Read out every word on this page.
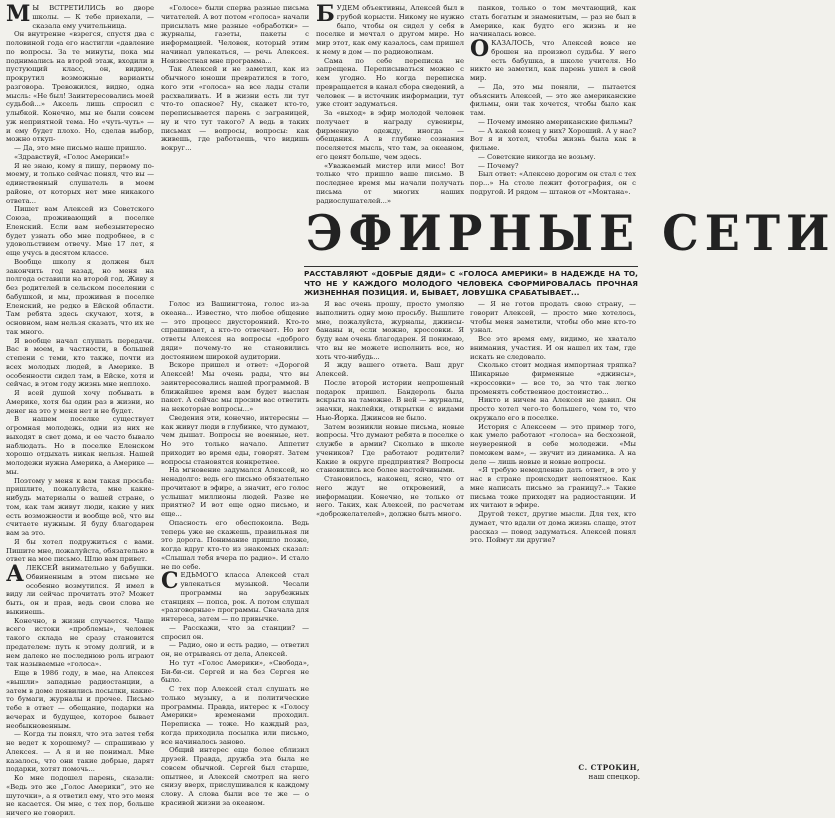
М Ы ВСТРЕТИЛИСЬ во дворе школы. — К тебе приехали, — сказала ему учительница.

Он внутренне «взрегся, спустя два с половиной года его настигли «давление по вопросы. За те минуты, пока мы поднимались на второй этаж, входили в пустующий класс, он, видимо, прокрутил возможные варианты разговора. Тревожился, видно, одна мысль: «Не был! Заинтересовались моей судьбой...» Аксель лишь спросил с улыбкой. Конечно, мы не были совсем уж неприятной тема. Но «чуть-чуть» — и ему будет плохо. Но, сделав выбор, можно откуп-

— Да, это мне письмо наше пришло.

«Здравствуй, «Голос Америки!»

Я не знаю, кому я пишу, первому по-моему, и только сейчас понял, что вы — единственный слушатель в моем районе, от которых нет мне никакого ответа...

Пишет вам Алексей из Советского Союза, проживающий в поселке Еленский. Если вам небезынтересно будет узнать обо мне подробнее, в с удовольствием отвечу. Мне 17 лет, я еще учусь в десятом классе.

Вообще школу я должен был закончить год назад, но меня на полгода оставили на второй год. Живу я без родителей в сельском поселении с бабушкой, и мы, проживая в поселке Еленский, не редко в Ейской области. Там ребята здесь скучают, хотя, в основном, нам нельзя сказать, что их не так много.

Я вообще начал слушать передачи. Вас в моем, в частности, в большей степени с теми, кто также, почти из всех молодых людей, в Америке. В особенности сидел там, в Ейске, хотя и сейчас, в этом году жизнь мне неплохо.

Я всей душой хочу побывать в Америке, хотя бы один раз в жизни, но денег на это у меня нет и не будет.

В нашем поселке существует огромная молодежь, одни из них не выходят в свет дома, и ее часто бывало наблюдать. Но в поселке Еленском хорошо отдыхать никак нельзя. Нашей молодежи нужна Америка, а Америке — мы.

Поэтому у меня к вам такая просьба: пришлите, пожалуйста, мне какие-нибудь материалы о вашей стране, о том, как там живут люди, какие у них есть возможности и вообще всё, что вы считаете нужным. Я буду благодарен вам за это.

Я бы хотел подружиться с вами. Пишите мне, пожалуйста, обязательно в ответ на мое письмо. Шлю вам привет.

АЛЕКСЕЙ внимательно у бабушки. Обвиненным в этом письме не особенно возмутился. Я имел в виду ли сейчас прочитать это? Может быть, он и прав, ведь свои слова не выкинешь.

Конечно, в жизни случается. Чаще всего истоки «проблемы», человек такого склада не сразу становится предателем: путь к этому долгий, и в нем далеко не последнюю роль играют так называемые «голоса».

Еще в 1986 году, в мае, на Алексея «вышли» западные радиостанции, а затем в доме появились посылки, какие-то бумаги, журналы и прочее. Письмо тебе в ответ — обещание, подарки на вечерах и будущее, которое бывает необыкновенным.

— Когда ты понял, что эта затея тебя не ведет к хорошему? — спрашиваю у Алексея. — А я и не понимал. Мне казалось, что они такие добрые, дарят подарки, хотят помочь...

Ко мне подошел парень, сказали: «Ведь это же „Голос Америки“, это не шуточки», а я ответил ему, что это меня не касается. Он мне, с тех пор, больше ничего не говорил.

«Голосе» были сперва разные письма читателей. А вот потом «голоса» начали присылать мне разные «обработки» — журналы, газеты, пакеты с информацией. Человек, который этим начинал увлекаться, — речь Алексея. Неизвестная мне программа...

Так Алексей и не заметил, как из обычного юноши превратился в того, кого эти «голоса» на все лады стали расхваливать. И в жизни есть ли тут что-то опасное? Ну, скажет кто-то, переписывается парень с заграницей, ну и что тут такого? А ведь в таких письмах — вопросы, вопросы: как живешь, где работаешь, что видишь вокруг...

Голос из Вашингтона, голос из-за океана... Известно, что любое общение — это процесс двусторонний. Кто-то спрашивает, а кто-то отвечает. Но вот ответы Алексея на вопросы «доброго дяди» почему-то не становились достоянием широкой аудитории.

Вскоре пришел и ответ: «Дорогой Алексей! Мы очень рады, что вы заинтересовались нашей программой. В ближайшее время вам будет выслан пакет. А сейчас мы просим вас ответить на некоторые вопросы...»

Сведения эти, конечно, интересны — как живут люди в глубинке, что думают, чем дышат. Вопросы не военные, нет. Но это только начало. Аппетит приходит во время еды, говорят. Затем вопросы становятся конкретнее.

На мгновение задумался Алексей, но ненадолго: ведь его письмо обязательно прочитают в эфире, а значит, его голос услышат миллионы людей. Разве не приятно? И вот еще одно письмо, и еще...

Опасность его обеспокоила. Ведь теперь уже не скажешь, правильная ли это дорога. Понимание пришло позже, когда вдруг кто-то из знакомых сказал: «Слышал тебя вчера по радио». И стало не по себе.

СЕДЬМОГО класса Алексей стал увлекаться музыкой. Чесали программы на зарубежных станциях — попса, рок. А потом слушал «разговорные» программы. Сначала для интереса, затем — по привычке.

— Расскажи, что за станции? — спросил он.

— Радио, оно и есть радио, — ответил он, не отрываясь от дела, Алексей.

Но тут «Голос Америки», «Свобода», Би-би-си. Сергей и на без Сергея не было.

С тех пор Алексей стал слушать не только музыку, а и политические программы. Правда, интерес к «Голосу Америки» временами проходил. Переписка — тоже. Но каждый раз, когда приходила посылка или письмо, все начиналось заново.

Общий интерес еще более сблизил друзей. Правда, дружба эта была не совсем обычной. Сергей был старше, опытнее, и Алексей смотрел на него снизу вверх, прислушивался к каждому слову. А слова были все те же — о красивой жизни за океаном.

БУДЕМ объективны, Алексей был в грубой корысти. Никому не нужно было, чтобы он сидел у себя в поселке и мечтал о другом мире. Но мир этот, как ему казалось, сам пришел к нему в дом — по радиоволнам.

Сама по себе переписка не запрещена. Переписываться можно с кем угодно. Но когда переписка превращается в канал сбора сведений, а человек — в источник информации, тут уже стоит задуматься.

За «выход» в эфир молодой человек получает в награду сувениры, фирменную одежду, иногда — обещания. А в глубине сознания поселяется мысль, что там, за океаном, его ценят больше, чем здесь.

«Уважаемый мистер или мисс! Вот только что пришло ваше письмо. В последнее время мы начали получать письма от многих наших радиослушателей...»

Я вас очень прошу, просто умоляю выполнить одну мою просьбу. Вышлите мне, пожалуйста, журналы, джинсы-бананы и, если можно, кроссовки. Я буду вам очень благодарен. Я понимаю, что вы не можете исполнить все, но хоть что-нибудь...

Я жду вашего ответа. Ваш друг Алексей.

После второй истории непрошеный подарок пришел. Бандероль была вскрыта на таможне. В ней — журналы, значки, наклейки, открытки с видами Нью-Йорка. Джинсов не было.

Затем возникли новые письма, новые вопросы. Что думают ребята в поселке о службе в армии? Сколько в школе учеников? Где работают родители? Какие в округе предприятия? Вопросы становились все более настойчивыми.

Становилось, наконец, ясно, что от него ждут не откровений, а информации. Конечно, не только от него. Таких, как Алексей, по расчетам «доброжелателей», должно быть много.

панков, только о том мечтающий, как стать богатым и знаменитым, — раз не был в Америке, как будто его жизнь и не начиналась вовсе.

ОКАЗАЛОСЬ, что Алексей вовсе не брошен на произвол судьбы. У него есть бабушка, в школе учителя. Но никто не заметил, как парень ушел в свой мир.

— Да, это мы поняли, — пытается объяснить Алексей, — это же американские фильмы, они так хочется, чтобы было как там.

— Почему именно американские фильмы?

— А какой конец у них? Хороший. А у нас? Вот я и хотел, чтобы жизнь была как в фильме.

— Советские никогда не возьму.

— Почему?

Был ответ: «Алексею дорогим он стал с тех пор...» На столе лежит фотография, он с подругой. И рядом — штанов от «Монтана».

— Я не готов продать свою страну, — говорит Алексей, — просто мне хотелось, чтобы меня заметили, чтобы обо мне кто-то узнал.

Все это время ему, видимо, не хватало внимания, участия. И он нашел их там, где искать не следовало.

Сколько стоит модная импортная тряпка? Шикарные фирменные «джинсы», «кроссовки» — все то, за что так легко променять собственное достоинство...

Никто и ничем на Алексея не давил. Он просто хотел чего-то большего, чем то, что окружало его в поселке.

История с Алексеем — это пример того, как умело работают «голоса» на бесхозной, неуверенной в себе молодежи. «Мы поможем вам», — звучит из динамика. А на деле — лишь новые и новые вопросы.

«Я требую немедленно дать ответ, в это у нас в стране происходит непонятное. Как мне написать письмо за границу?..» Такие письма тоже приходят на радиостанции. И их читают в эфире.

Другой текст, другие мысли. Для тех, кто думает, что вдали от дома жизнь слаще, этот рассказ — повод задуматься. Алексей понял это. Поймут ли другие?

ЭФИРНЫЕ СЕТИ
РАССТАВЛЯЮТ «ДОБРЫЕ ДЯДИ» С «ГОЛОСА АМЕРИКИ» В НАДЕЖДЕ НА ТО, ЧТО НЕ У КАЖДОГО МОЛОДОГО ЧЕЛОВЕКА СФОРМИРОВАЛАСЬ ПРОЧНАЯ ЖИЗНЕННАЯ ПОЗИЦИЯ. И, БЫВАЕТ, ЛОВУШКА СРАБАТЫВАЕТ...
С. СТРОКИН,
наш спецкор.
